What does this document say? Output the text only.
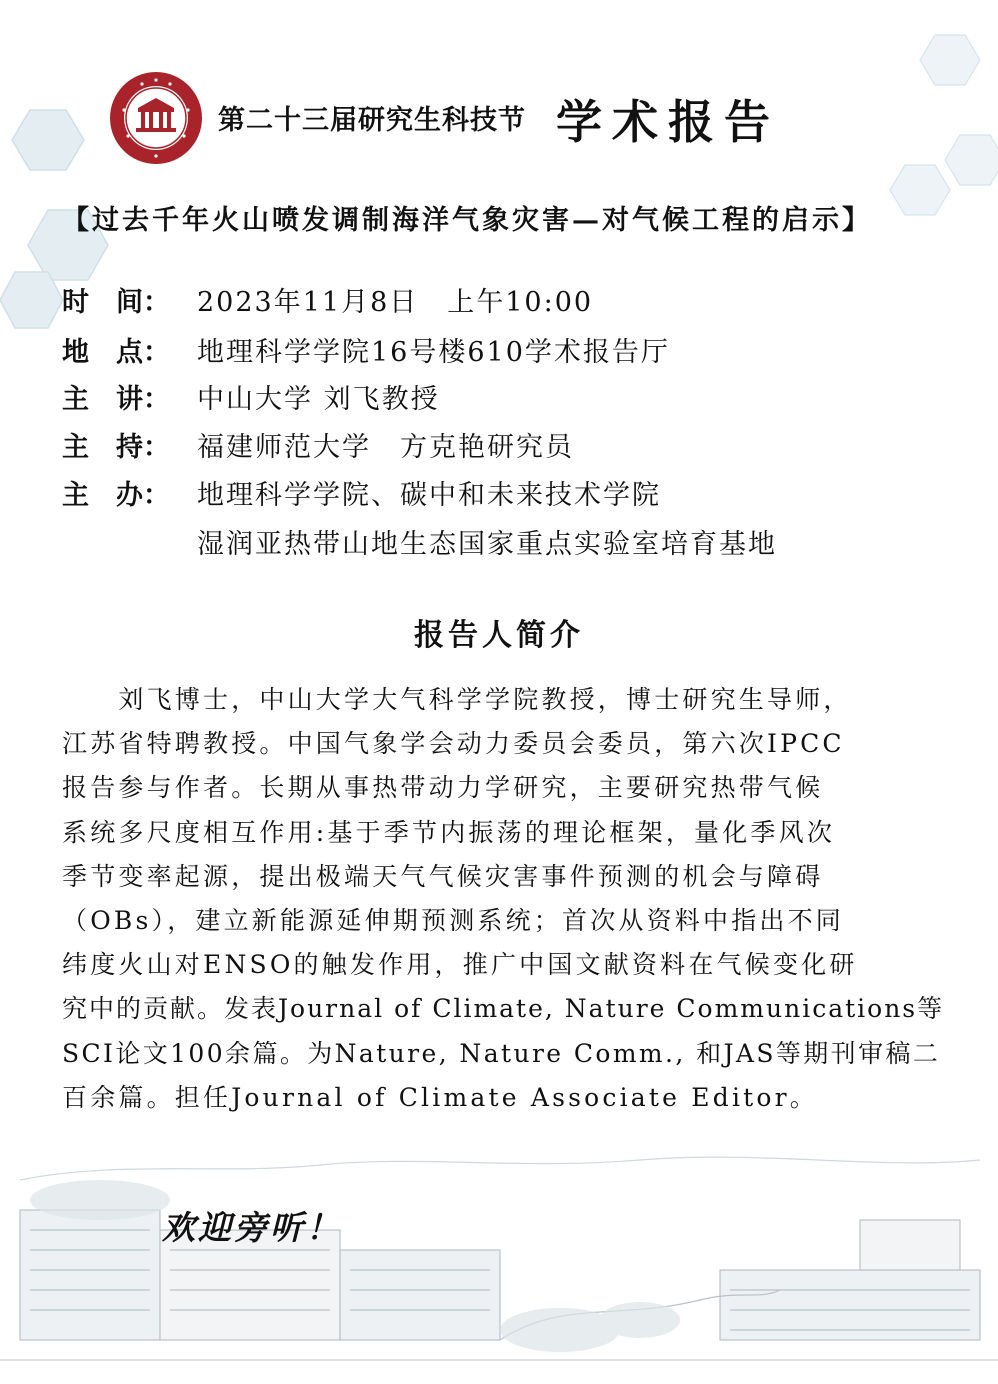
第二十三届研究生科技节 学术报告
【过去千年火山喷发调制海洋气象灾害—对气候工程的启示】
时　间： 2023年11月8日　上午10:00
地　点： 地理科学学院16号楼610学术报告厅
主　讲： 中山大学 刘飞教授
主　持： 福建师范大学　方克艳研究员
主　办： 地理科学学院、碳中和未来技术学院
湿润亚热带山地生态国家重点实验室培育基地
报告人简介
　　刘飞博士，中山大学大气科学学院教授，博士研究生导师，
江苏省特聘教授。中国气象学会动力委员会委员，第六次IPCC
报告参与作者。长期从事热带动力学研究，主要研究热带气候
系统多尺度相互作用:基于季节内振荡的理论框架，量化季风次
季节变率起源，提出极端天气气候灾害事件预测的机会与障碍
（OBs），建立新能源延伸期预测系统；首次从资料中指出不同
纬度火山对ENSO的触发作用，推广中国文献资料在气候变化研
究中的贡献。发表Journal of Climate, Nature Communications等
SCI论文100余篇。为Nature, Nature Comm., 和JAS等期刊审稿二
百余篇。担任Journal of Climate Associate Editor。
欢迎旁听！
